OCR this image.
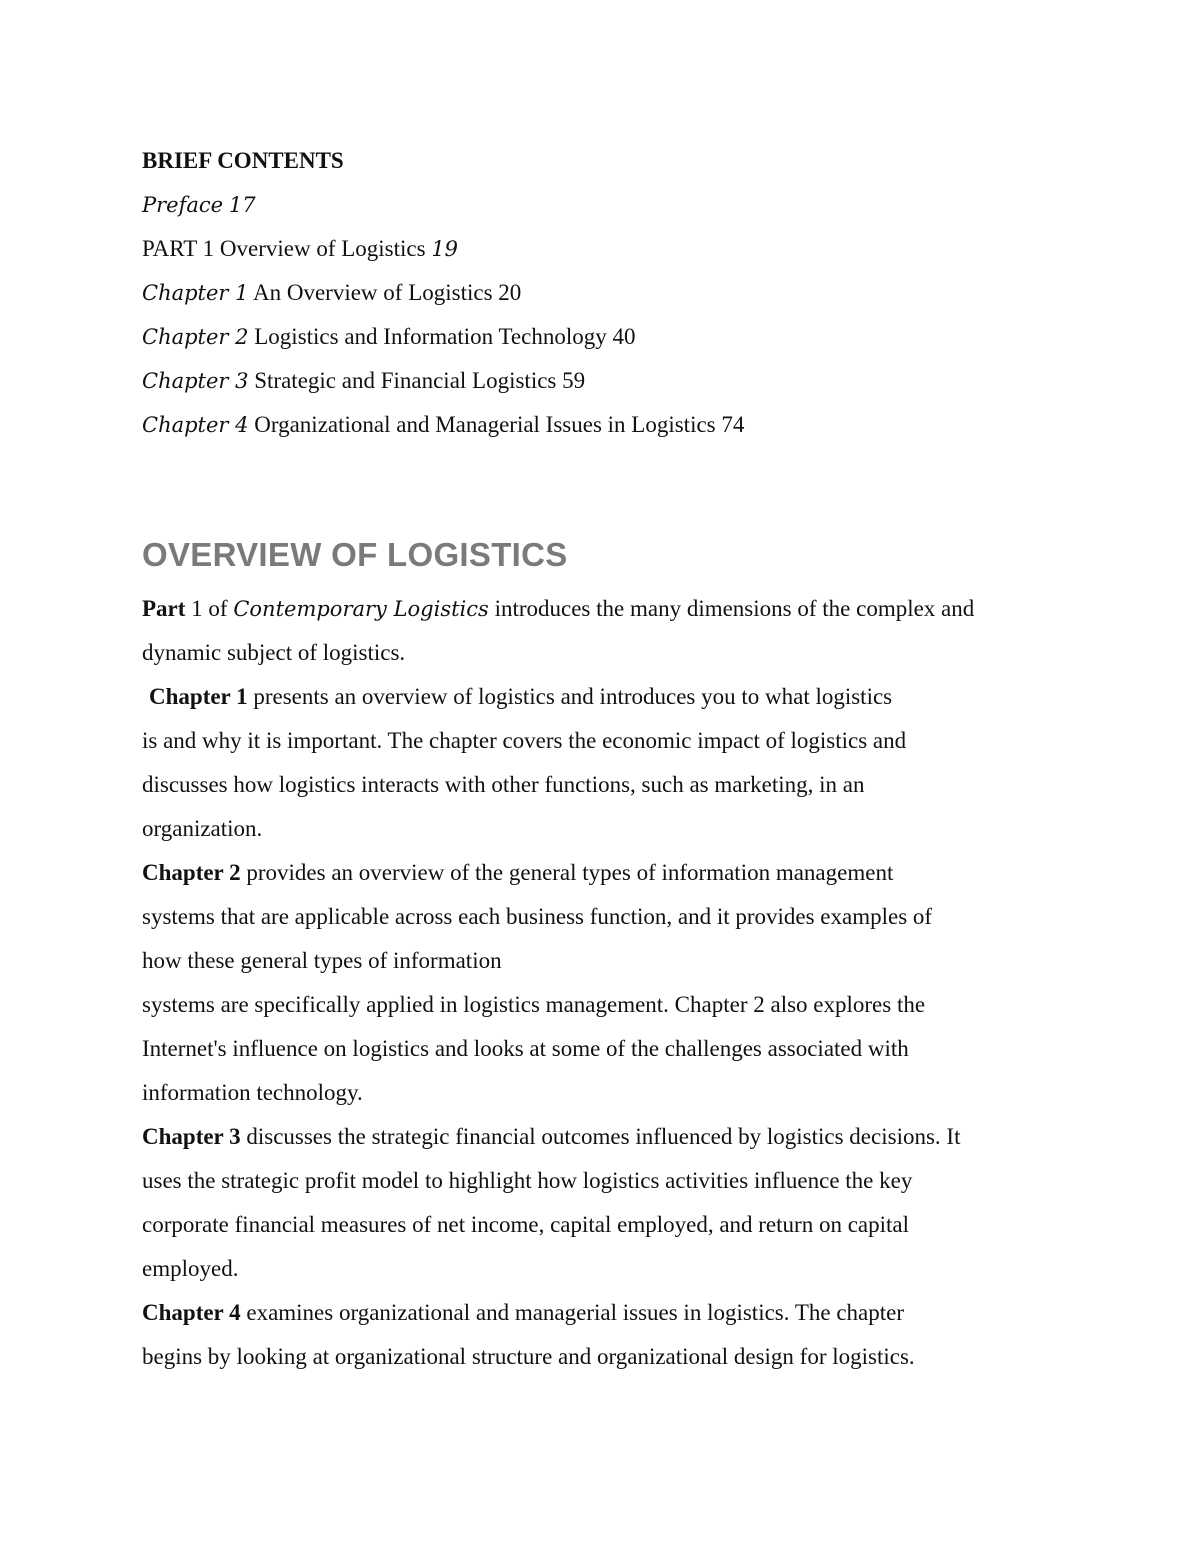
BRIEF CONTENTS
Preface 17
PART 1 Overview of Logistics 19
Chapter 1 An Overview of Logistics 20
Chapter 2 Logistics and Information Technology 40
Chapter 3 Strategic and Financial Logistics 59
Chapter 4 Organizational and Managerial Issues in Logistics 74
OVERVIEW OF LOGISTICS
Part 1 of Contemporary Logistics introduces the many dimensions of the complex and
dynamic subject of logistics.
Chapter 1 presents an overview of logistics and introduces you to what logistics
is and why it is important. The chapter covers the economic impact of logistics and
discusses how logistics interacts with other functions, such as marketing, in an
organization.
Chapter 2 provides an overview of the general types of information management
systems that are applicable across each business function, and it provides examples of
how these general types of information
systems are specifically applied in logistics management. Chapter 2 also explores the
Internet's influence on logistics and looks at some of the challenges associated with
information technology.
Chapter 3 discusses the strategic financial outcomes influenced by logistics decisions. It
uses the strategic profit model to highlight how logistics activities influence the key
corporate financial measures of net income, capital employed, and return on capital
employed.
Chapter 4 examines organizational and managerial issues in logistics. The chapter
begins by looking at organizational structure and organizational design for logistics.
